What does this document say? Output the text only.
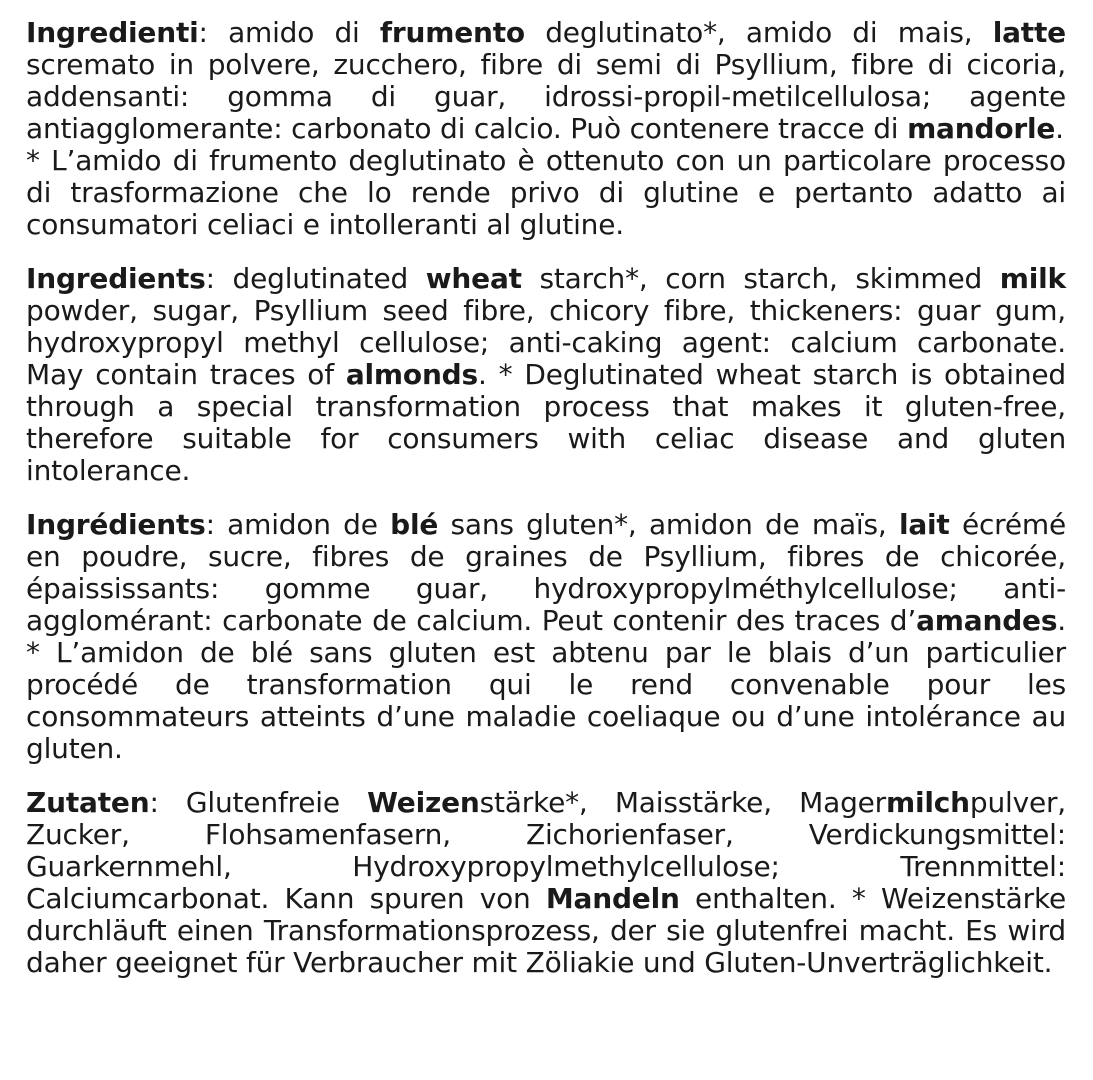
Ingredienti: amido di frumento deglutinato*, amido di mais, latte scremato in polvere, zucchero, fibre di semi di Psyllium, fibre di cicoria, addensanti: gomma di guar, idrossi-propil-metilcellulosa; agente antiagglomerante: carbonato di calcio. Può contenere tracce di mandorle.

* L’amido di frumento deglutinato è ottenuto con un particolare processo di trasformazione che lo rende privo di glutine e pertanto adatto ai consumatori celiaci e intolleranti al glutine.

Ingredients: deglutinated wheat starch*, corn starch, skimmed milk powder, sugar, Psyllium seed fibre, chicory fibre, thickeners: guar gum, hydroxypropyl methyl cellulose; anti-caking agent: calcium carbonate. May contain traces of almonds. * Deglutinated wheat starch is obtained through a special transformation process that makes it gluten-free, therefore suitable for consumers with celiac disease and gluten intolerance.

Ingrédients: amidon de blé sans gluten*, amidon de maïs, lait écrémé en poudre, sucre, fibres de graines de Psyllium, fibres de chicorée, épaississants: gomme guar, hydroxypropylméthylcellulose; anti-agglomérant: carbonate de calcium. Peut contenir des traces d’amandes. * L’amidon de blé sans gluten est abtenu par le blais d’un particulier procédé de transformation qui le rend convenable pour les consommateurs atteints d’une maladie coeliaque ou d’une intolérance au gluten.

Zutaten: Glutenfreie Weizenstärke*, Maisstärke, Magermilchpulver, Zucker, Flohsamenfasern, Zichorienfaser, Verdickungsmittel: Guarkernmehl, Hydroxypropylmethylcellulose; Trennmittel: Calciumcarbonat. Kann spuren von Mandeln enthalten. * Weizenstärke durchläuft einen Transformationsprozess, der sie glutenfrei macht. Es wird daher geeignet für Verbraucher mit Zöliakie und Gluten-Unverträglichkeit.
